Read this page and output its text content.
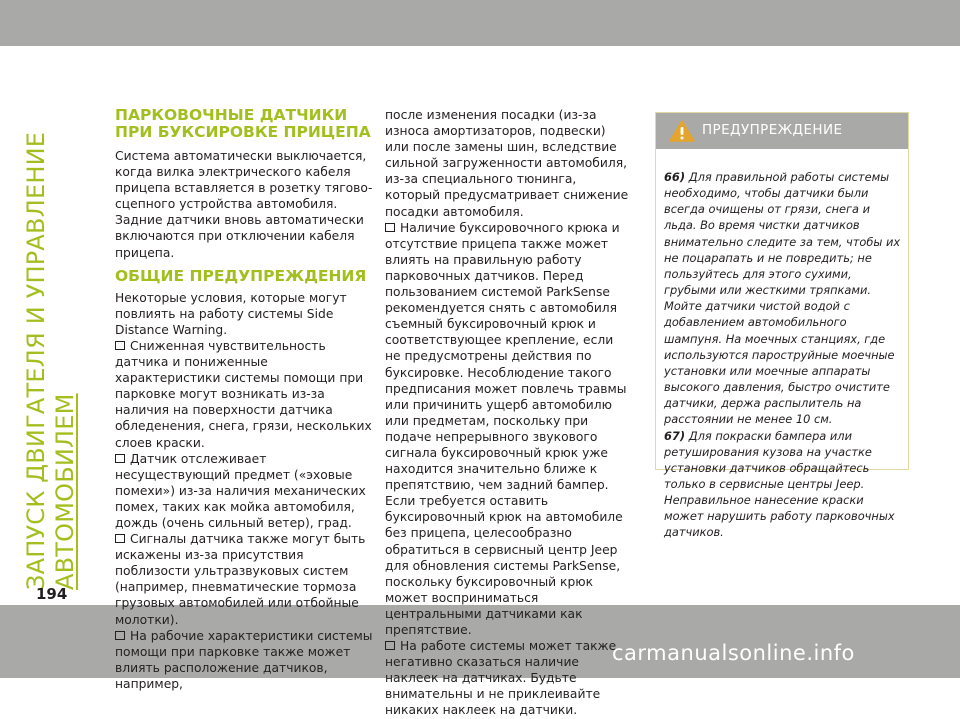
ЗАПУСК ДВИГАТЕЛЯ И УПРАВЛЕНИЕ АВТОМОБИЛЕМ
ПАРКОВОЧНЫЕ ДАТЧИКИ ПРИ БУКСИРОВКЕ ПРИЦЕПА

Система автоматически выключается, когда вилка электрического кабеля прицепа вставляется в розетку тягово-сцепного устройства автомобиля. Задние датчики вновь автоматически включаются при отключении кабеля прицепа.

ОБЩИЕ ПРЕДУПРЕЖДЕНИЯ

Некоторые условия, которые могут повлиять на работу системы Side Distance Warning.

Сниженная чувствительность датчика и пониженные характеристики системы помощи при парковке могут возникать из-за наличия на поверхности датчика обледенения, снега, грязи, нескольких слоев краски.

Датчик отслеживает несуществующий предмет («эховые помехи») из-за наличия механических помех, таких как мойка автомобиля, дождь (очень сильный ветер), град.

Сигналы датчика также могут быть искажены из-за присутствия поблизости ультразвуковых систем (например, пневматические тормоза грузовых автомобилей или отбойные молотки).

На рабочие характеристики системы помощи при парковке также может влиять расположение датчиков, например,

после изменения посадки (из-за износа амортизаторов, подвески) или после замены шин, вследствие сильной загруженности автомобиля, из-за специального тюнинга, который предусматривает снижение посадки автомобиля.

Наличие буксировочного крюка и отсутствие прицепа также может влиять на правильную работу парковочных датчиков. Перед пользованием системой ParkSense рекомендуется снять с автомобиля съемный буксировочный крюк и соответствующее крепление, если не предусмотрены действия по буксировке. Несоблюдение такого предписания может повлечь травмы или причинить ущерб автомобилю или предметам, поскольку при подаче непрерывного звукового сигнала буксировочный крюк уже находится значительно ближе к препятствию, чем задний бампер. Если требуется оставить буксировочный крюк на автомобиле без прицепа, целесообразно обратиться в сервисный центр Jeep для обновления системы ParkSense, поскольку буксировочный крюк может восприниматься центральными датчиками как препятствие.

На работе системы может также негативно сказаться наличие наклеек на датчиках. Будьте внимательны и не приклеивайте никаких наклеек на датчики.

ПРЕДУПРЕЖДЕНИЕ

66) Для правильной работы системы необходимо, чтобы датчики были всегда очищены от грязи, снега и льда. Во время чистки датчиков внимательно следите за тем, чтобы их не поцарапать и не повредить; не пользуйтесь для этого сухими, грубыми или жесткими тряпками. Мойте датчики чистой водой с добавлением автомобильного шампуня. На моечных станциях, где используются пароструйные моечные установки или моечные аппараты высокого давления, быстро очистите датчики, держа распылитель на расстоянии не менее 10 см.

67) Для покраски бампера или ретуширования кузова на участке установки датчиков обращайтесь только в сервисные центры Jeep. Неправильное нанесение краски может нарушить работу парковочных датчиков.

194
carmanualsonline.info
